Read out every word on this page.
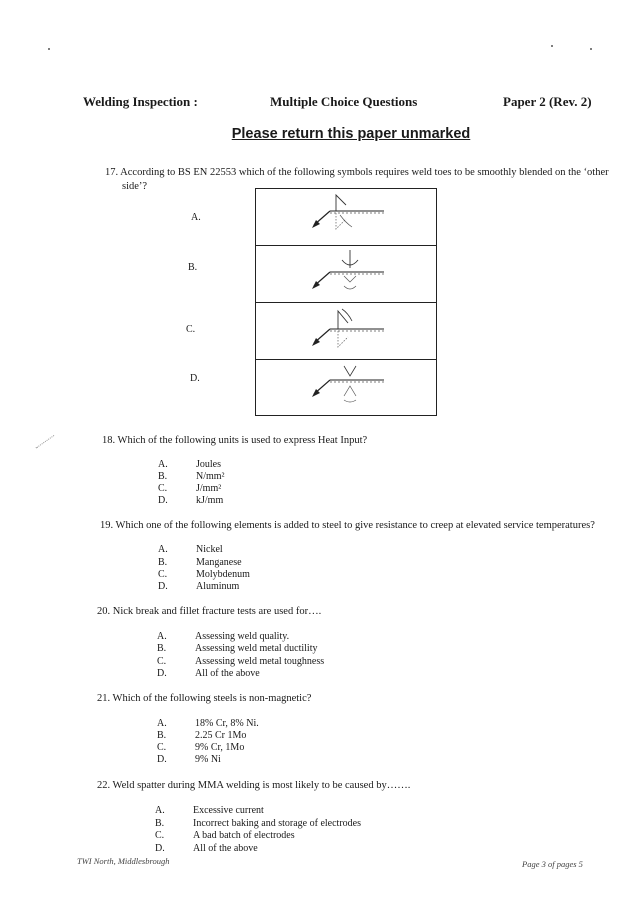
Welding Inspection :	Multiple Choice Questions	Paper 2 (Rev. 2)
Please return this paper unmarked
17. According to BS EN 22553 which of the following symbols requires weld toes to be smoothly blended on the ‘other
side’?
A.
B.
C.
D.
18. Which of the following units is used to express Heat Input?
A.	Joules
B.	N/mm²
C.	J/mm²
D.	kJ/mm
19. Which one of the following elements is added to steel to give resistance to creep at elevated service temperatures?
A.	Nickel
B.	Manganese
C.	Molybdenum
D.	Aluminum
20. Nick break and fillet fracture tests are used for….
A.	Assessing weld quality.
B.	Assessing weld metal ductility
C.	Assessing weld metal toughness
D.	All of the above
21. Which of the following steels is non-magnetic?
A.	18% Cr, 8% Ni.
B.	2.25 Cr 1Mo
C.	9% Cr, 1Mo
D.	9% Ni
22. Weld spatter during MMA welding is most likely to be caused by…….
A.	Excessive current
B.	Incorrect baking and storage of electrodes
C.	A bad batch of electrodes
D.	All of the above
TWI North, Middlesbrough	Page 3 of pages 5
